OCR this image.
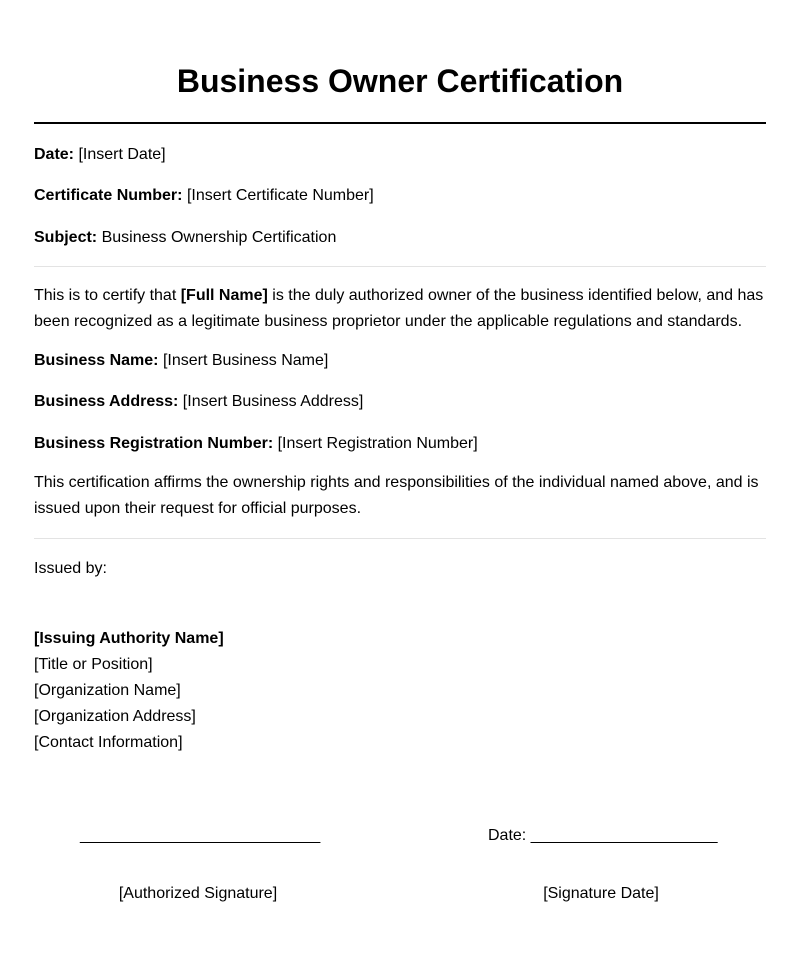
Business Owner Certification

Date: [Insert Date]

Certificate Number: [Insert Certificate Number]

Subject: Business Ownership Certification

This is to certify that [Full Name] is the duly authorized owner of the business identified below, and has been recognized as a legitimate business proprietor under the applicable regulations and standards.

Business Name: [Insert Business Name]

Business Address: [Insert Business Address]

Business Registration Number: [Insert Registration Number]

This certification affirms the ownership rights and responsibilities of the individual named above, and is issued upon their request for official purposes.

Issued by:

[Issuing Authority Name]
[Title or Position]
[Organization Name]
[Organization Address]
[Contact Information]
___________________________
[Authorized Signature]
Date: _____________________
[Signature Date]
